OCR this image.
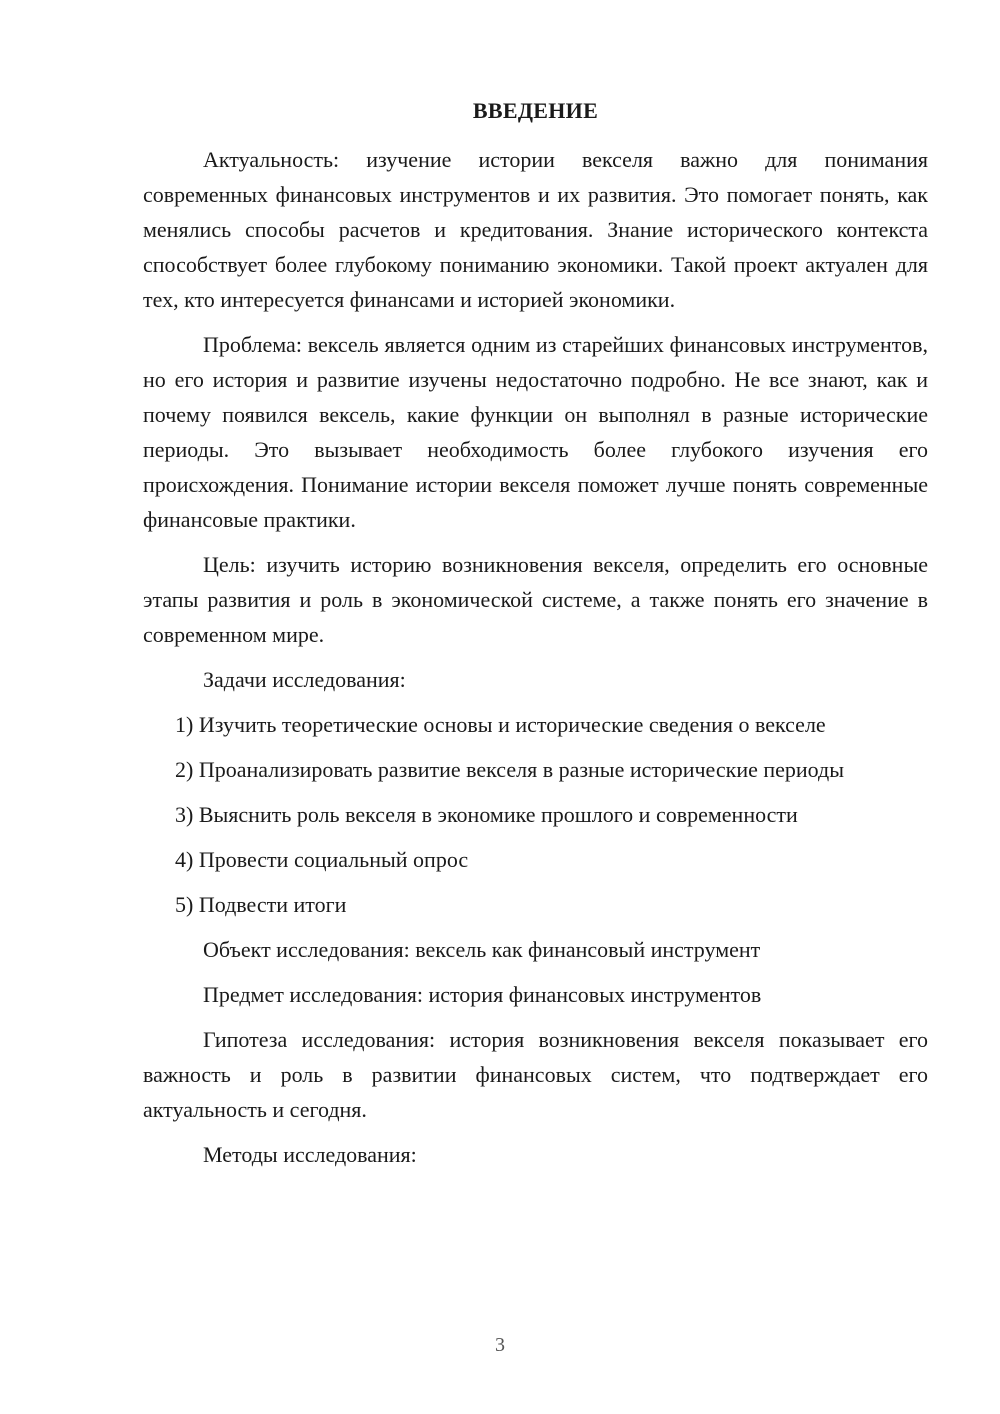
ВВЕДЕНИЕ

Актуальность: изучение истории векселя важно для понимания современных финансовых инструментов и их развития. Это помогает понять, как менялись способы расчетов и кредитования. Знание исторического контекста способствует более глубокому пониманию экономики. Такой проект актуален для тех, кто интересуется финансами и историей экономики.

Проблема: вексель является одним из старейших финансовых инструментов, но его история и развитие изучены недостаточно подробно. Не все знают, как и почему появился вексель, какие функции он выполнял в разные исторические периоды. Это вызывает необходимость более глубокого изучения его происхождения. Понимание истории векселя поможет лучше понять современные финансовые практики.

Цель: изучить историю возникновения векселя, определить его основные этапы развития и роль в экономической системе, а также понять его значение в современном мире.

Задачи исследования:

1) Изучить теоретические основы и исторические сведения о векселе

2) Проанализировать развитие векселя в разные исторические периоды

3) Выяснить роль векселя в экономике прошлого и современности

4) Провести социальный опрос

5) Подвести итоги

Объект исследования: вексель как финансовый инструмент

Предмет исследования: история финансовых инструментов

Гипотеза исследования: история возникновения векселя показывает его важность и роль в развитии финансовых систем, что подтверждает его актуальность и сегодня.

Методы исследования:

3
